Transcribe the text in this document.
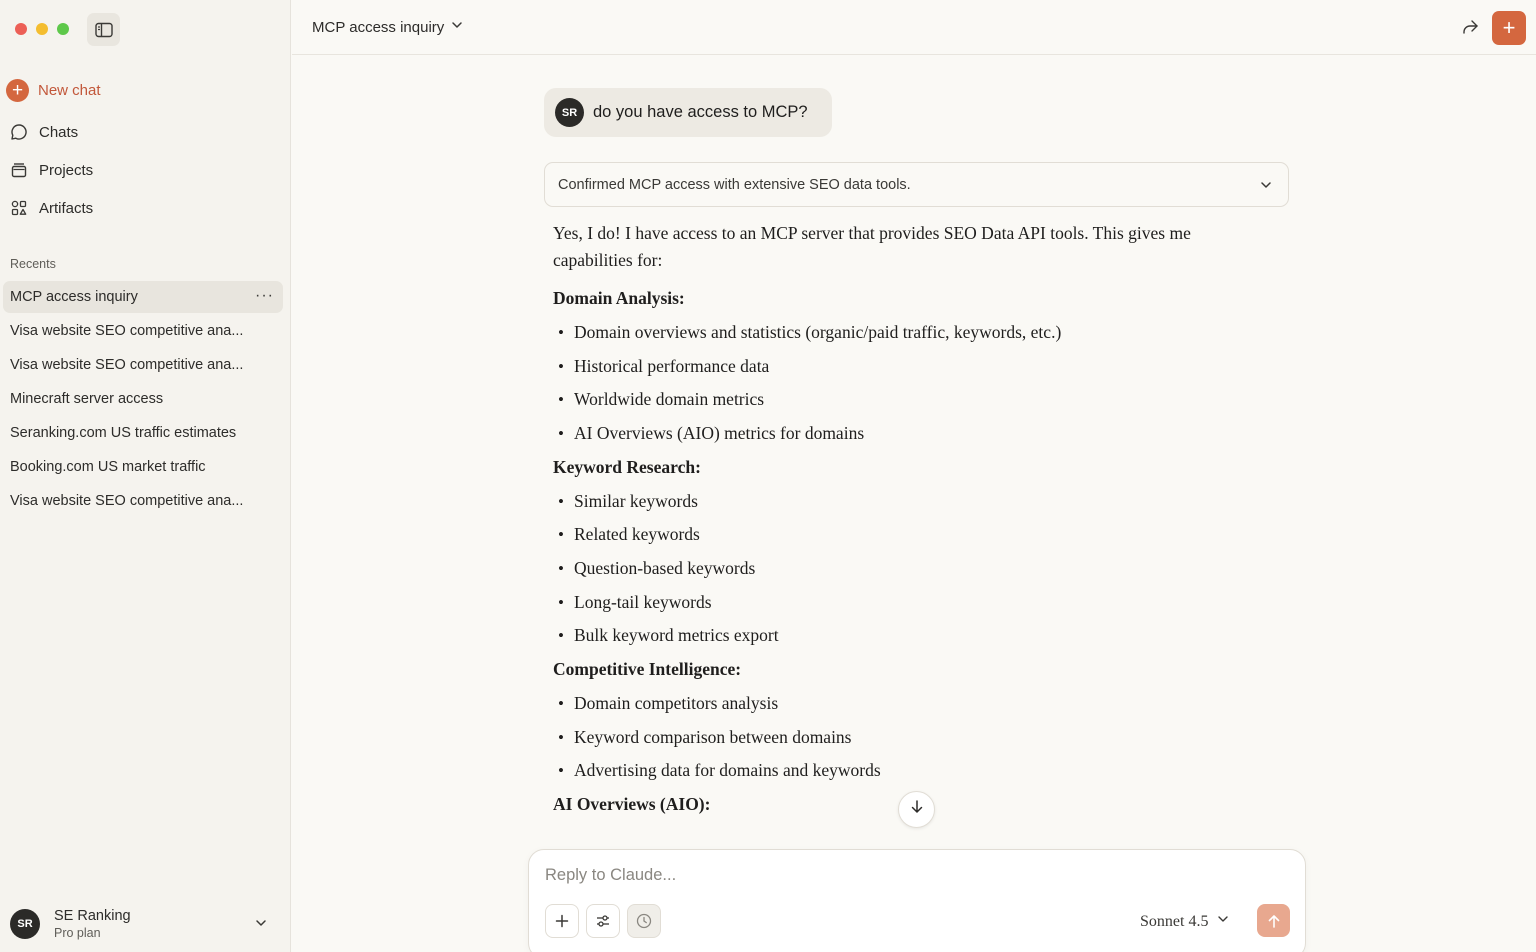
+ New chat
Chats
Projects
Artifacts
Recents
MCP access inquiry	···
Visa website SEO competitive ana...
Visa website SEO competitive ana...
Minecraft server access
Seranking.com US traffic estimates
Booking.com US market traffic
Visa website SEO competitive ana...
SR	SE Ranking
Pro plan
MCP access inquiry	+
SR do you have access to MCP?
Confirmed MCP access with extensive SEO data tools.

Yes, I do! I have access to an MCP server that provides SEO Data API tools. This gives me capabilities for:

Domain Analysis:
• Domain overviews and statistics (organic/paid traffic, keywords, etc.)
• Historical performance data
• Worldwide domain metrics
• AI Overviews (AIO) metrics for domains
Keyword Research:
• Similar keywords
• Related keywords
• Question-based keywords
• Long-tail keywords
• Bulk keyword metrics export
Competitive Intelligence:
• Domain competitors analysis
• Keyword comparison between domains
• Advertising data for domains and keywords
AI Overviews (AIO):
Reply to Claude...
Sonnet 4.5
